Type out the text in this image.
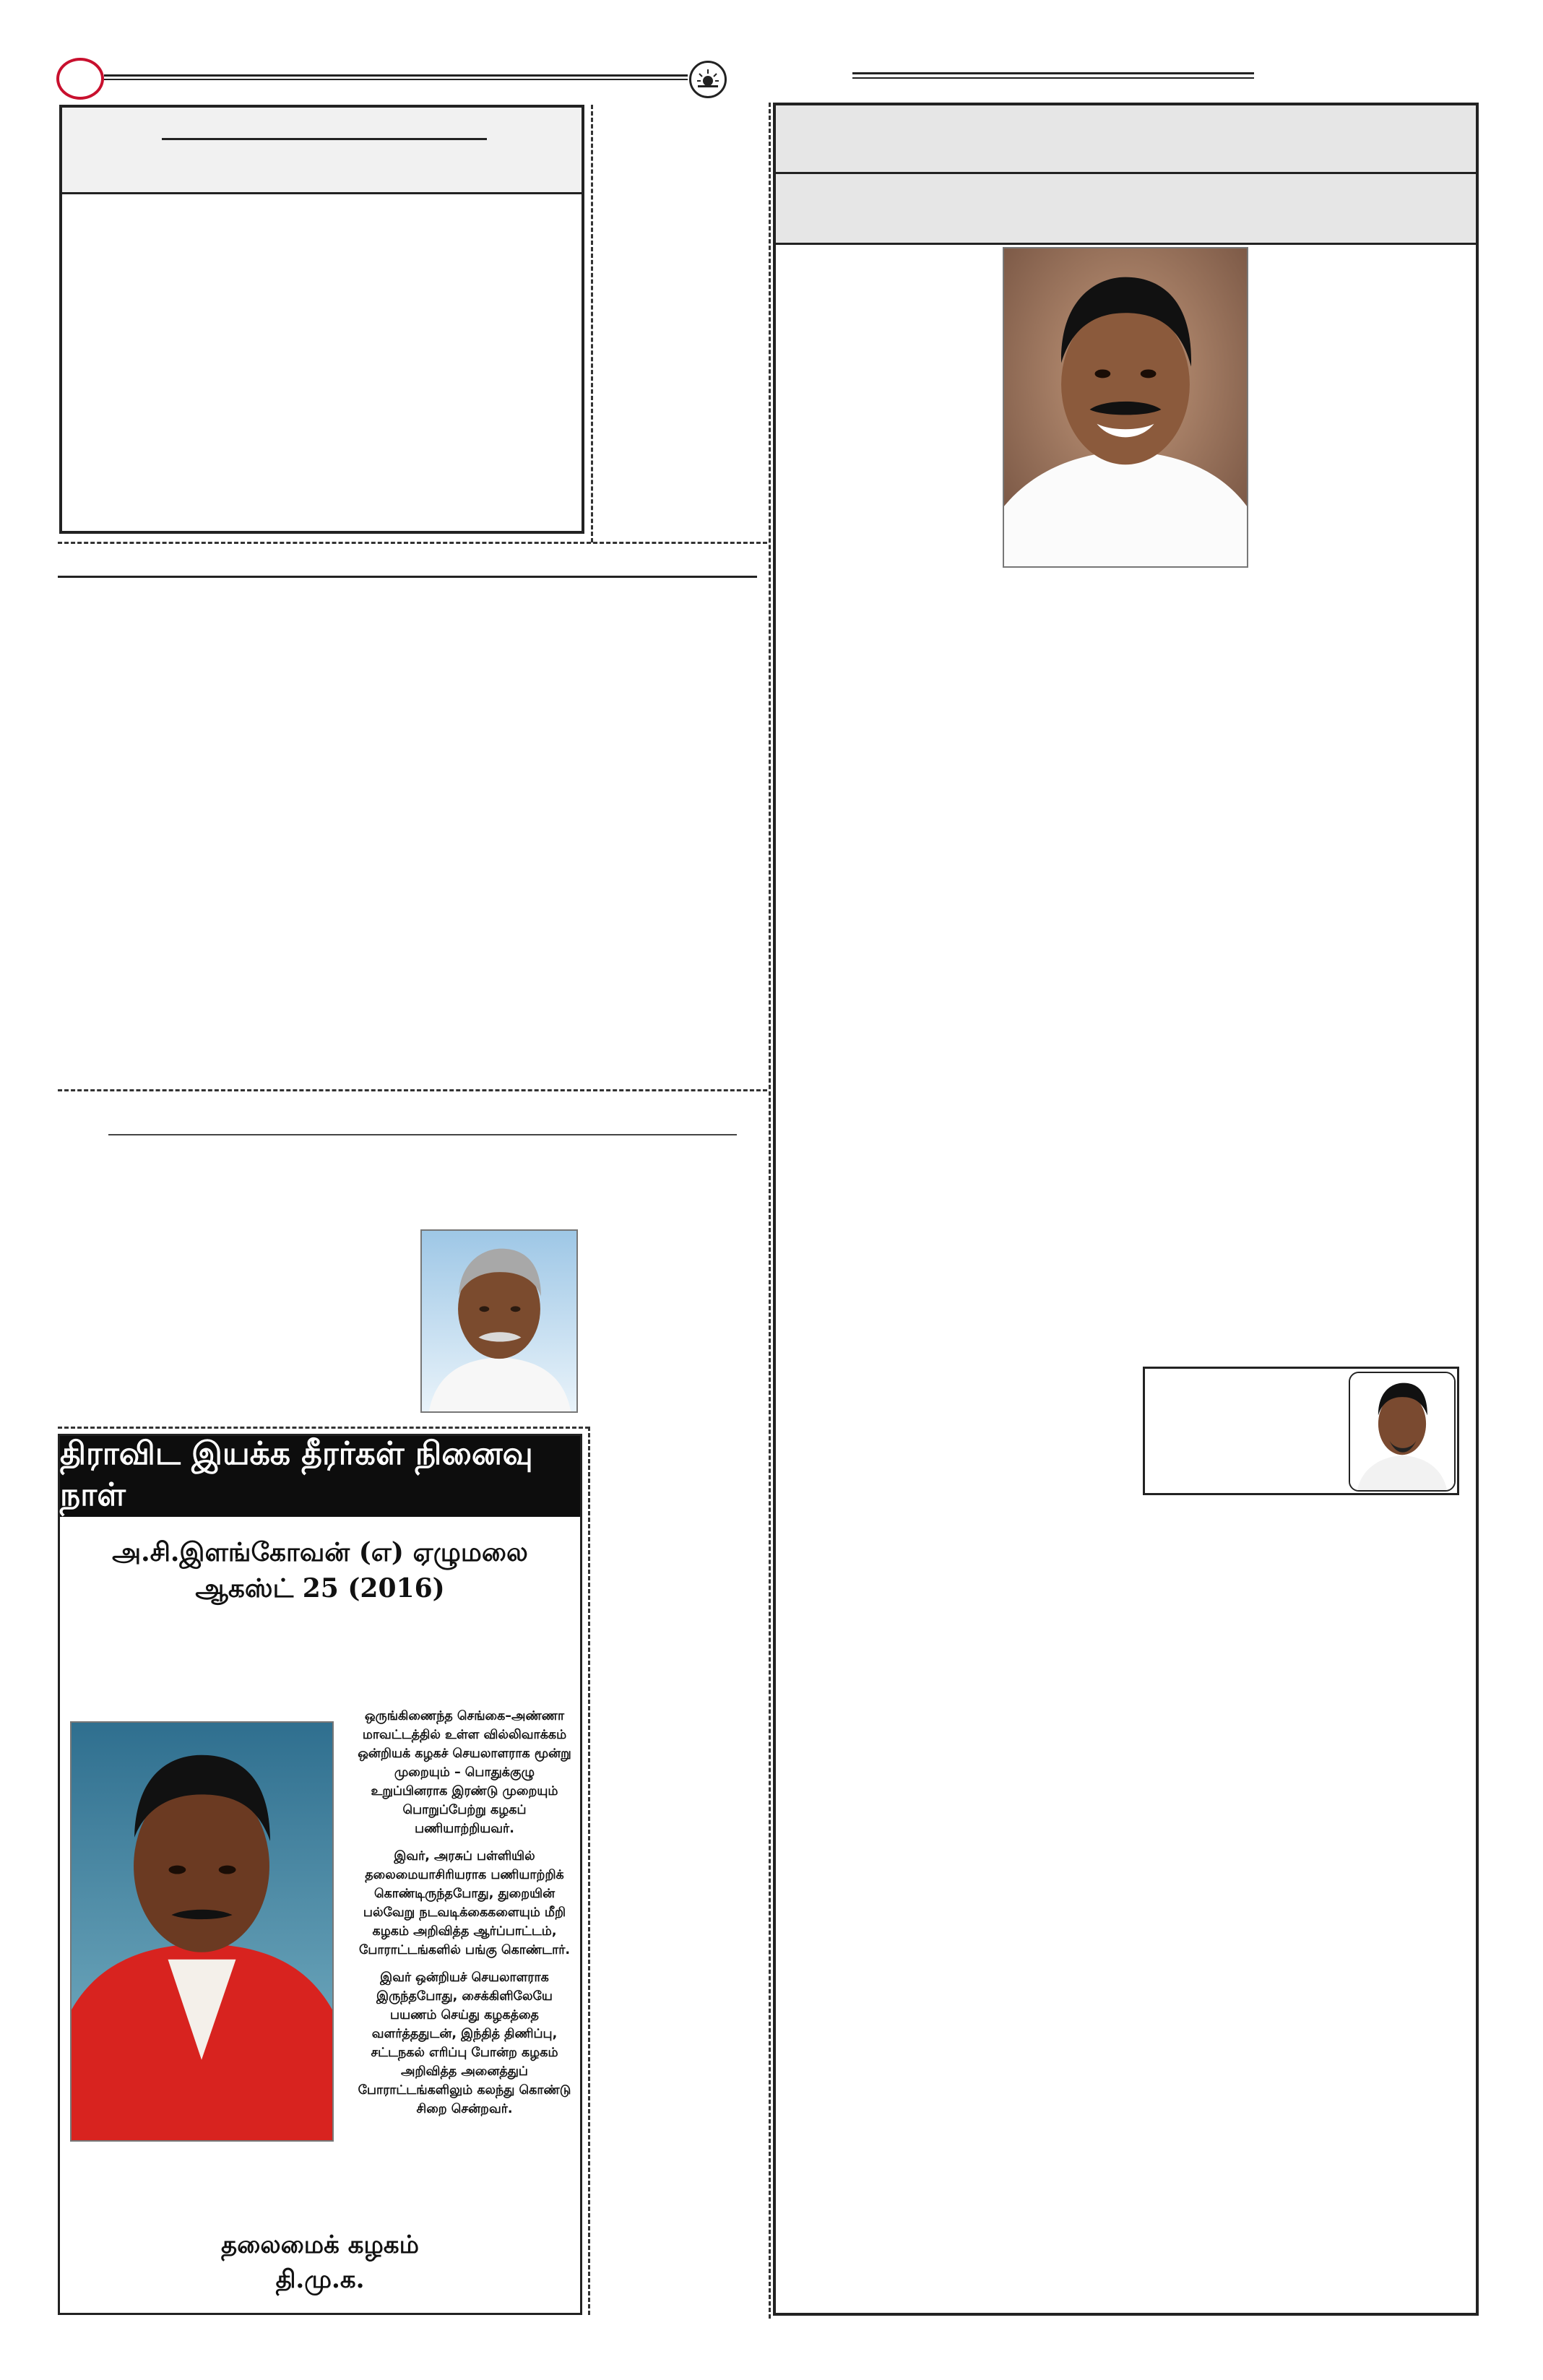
திராவிட இயக்க தீரர்கள் நினைவு நாள்
அ.சி.இளங்கோவன் (எ) ஏழுமலை
ஆகஸ்ட் 25 (2016)

ஒருங்கிணைந்த செங்கை–அண்ணா மாவட்டத்தில் உள்ள வில்லிவாக்கம் ஒன்றியக் கழகச் செயலாளராக மூன்று முறையும் – பொதுக்குழு உறுப்பினராக இரண்டு முறையும் பொறுப்பேற்று கழகப் பணியாற்றியவர்.

இவர், அரசுப் பள்ளியில் தலைமையாசிரியராக பணியாற்றிக் கொண்டிருந்தபோது, துறையின் பல்வேறு நடவடிக்கைகளையும் மீறி கழகம் அறிவித்த ஆர்ப்பாட்டம், போராட்டங்களில் பங்கு கொண்டார்.

இவர் ஒன்றியச் செயலாளராக இருந்தபோது, சைக்கிளிலேயே பயணம் செய்து கழகத்தை வளர்த்ததுடன், இந்தித் திணிப்பு, சட்டநகல் எரிப்பு போன்ற கழகம் அறிவித்த அனைத்துப் போராட்டங்களிலும் கலந்து கொண்டு சிறை சென்றவர்.

தலைமைக் கழகம்
தி.மு.க.
